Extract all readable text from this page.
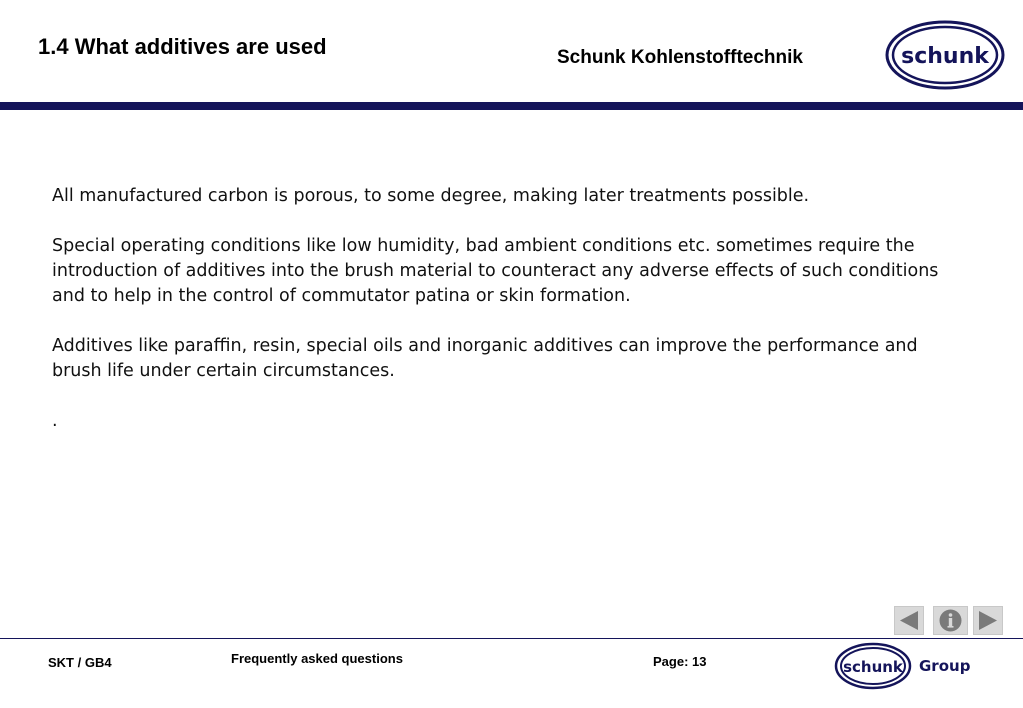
1.4 What additives are used	Schunk Kohlenstofftechnik	schunk

All manufactured carbon is porous, to some degree, making later treatments possible.

Special operating conditions like low humidity, bad ambient conditions etc. sometimes require the introduction of additives into the brush material to counteract any adverse effects of such conditions and to help in the control of commutator patina or skin formation.

Additives like paraffin, resin, special oils and inorganic additives can improve the performance and brush life under certain circumstances.

.

SKT / GB4	Frequently asked questions	Page: 13	schunk Group
